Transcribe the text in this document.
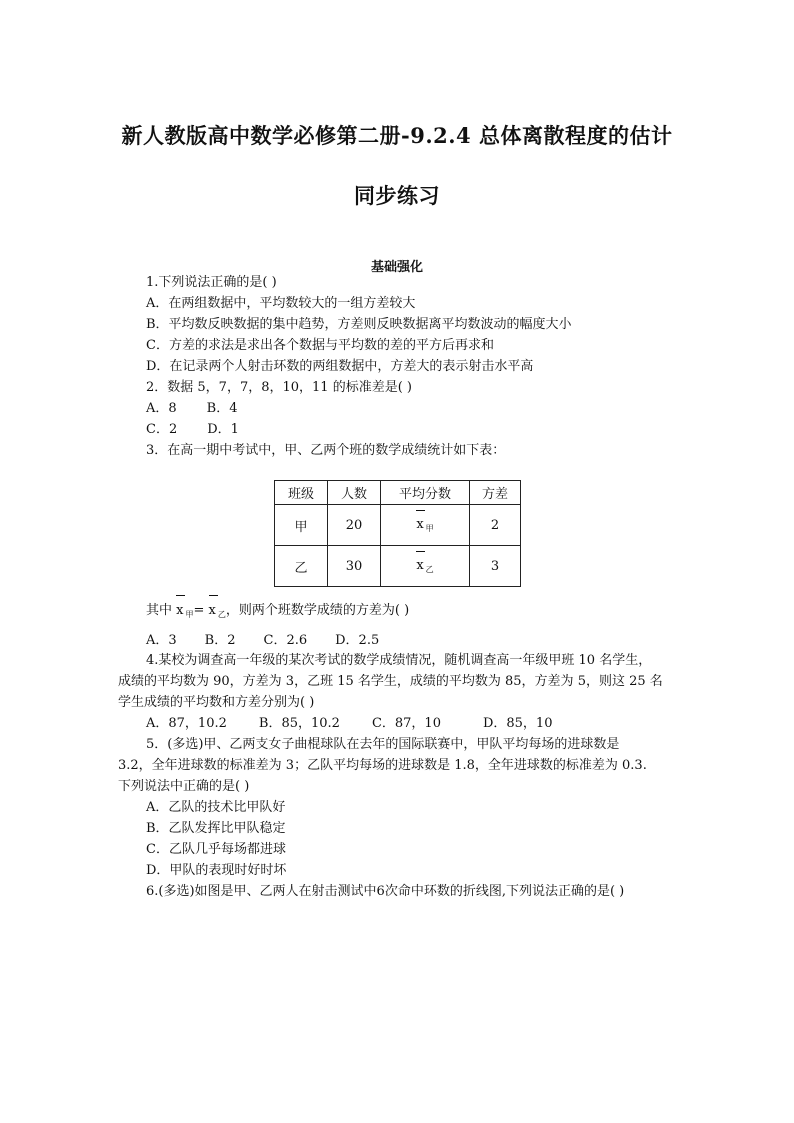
新人教版高中数学必修第二册-9.2.4 总体离散程度的估计
同步练习
基础强化
1.下列说法正确的是( )
A．在两组数据中，平均数较大的一组方差较大
B．平均数反映数据的集中趋势，方差则反映数据离平均数波动的幅度大小
C．方差的求法是求出各个数据与平均数的差的平方后再求和
D．在记录两个人射击环数的两组数据中，方差大的表示射击水平高
2．数据 5，7，7，8，10，11 的标准差是( )
A．8 B．4
C．2 D．1
3．在高一期中考试中，甲、乙两个班的数学成绩统计如下表：
班级	人数	平均分数	方差
甲	20	x $_甲$	2
乙	30	x $_乙$	3
其中 x $_甲$= x $_乙$，则两个班数学成绩的方差为( )
A．3 B．2 C．2.6 D．2.5
4.某校为调查高一年级的某次考试的数学成绩情况，随机调查高一年级甲班 10 名学生，
成绩的平均数为 90，方差为 3，乙班 15 名学生，成绩的平均数为 85，方差为 5，则这 25 名
学生成绩的平均数和方差分别为( )
A．87，10.2 B．85，10.2 C．87，10	D．85，10
5．(多选)甲、乙两支女子曲棍球队在去年的国际联赛中，甲队平均每场的进球数是
3.2，全年进球数的标准差为 3；乙队平均每场的进球数是 1.8，全年进球数的标准差为 0.3.
下列说法中正确的是( )
A．乙队的技术比甲队好
B．乙队发挥比甲队稳定
C．乙队几乎每场都进球
D．甲队的表现时好时坏
6.(多选)如图是甲、乙两人在射击测试中6次命中环数的折线图,下列说法正确的是( )
